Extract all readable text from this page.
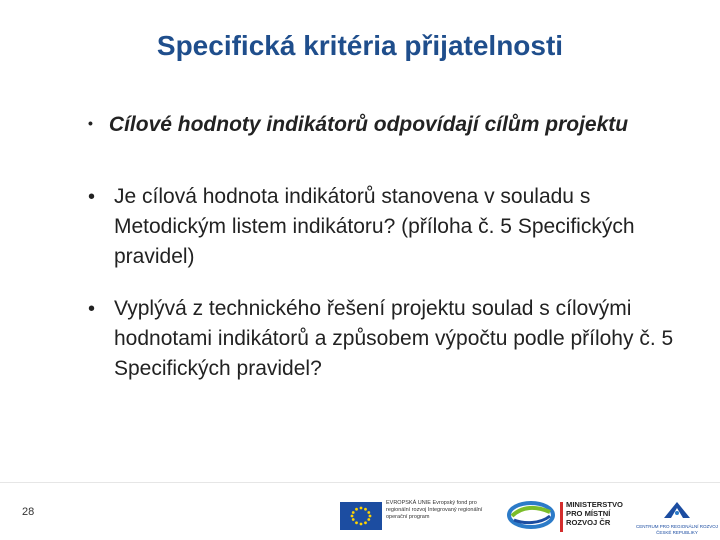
Specifická kritéria přijatelnosti
• Cílové hodnoty indikátorů odpovídají cílům projektu
• Je cílová hodnota indikátorů stanovena v souladu s Metodickým listem indikátoru? (příloha č. 5 Specifických pravidel)
• Vyplývá z technického řešení projektu soulad s cílovými hodnotami indikátorů a způsobem výpočtu podle přílohy č. 5 Specifických pravidel?
28
EVROPSKÁ UNIE Evropský fond pro regionální rozvoj Integrovaný regionální operační program
MINISTERSTVO PRO MÍSTNÍ ROZVOJ ČR	CENTRUM PRO REGIONÁLNÍ ROZVOJ ČESKÉ REPUBLIKY
